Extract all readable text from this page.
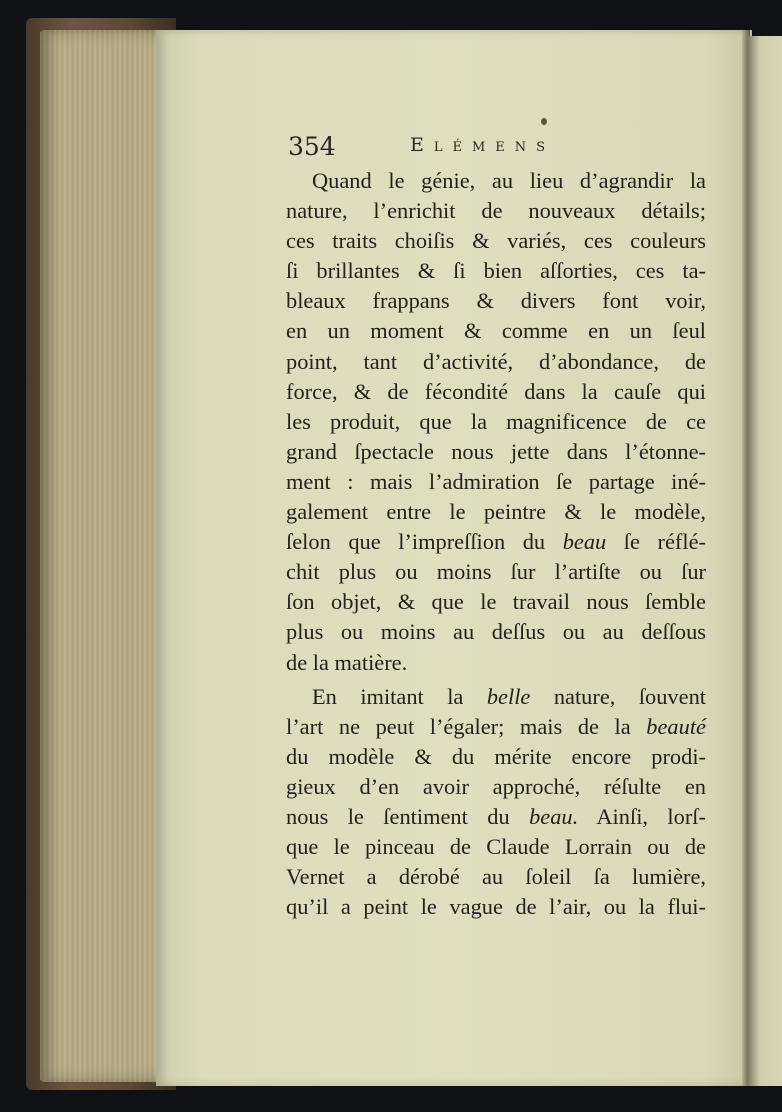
354	Elémens
Quand le génie, au lieu d’agrandir la
nature, l’enrichit de nouveaux détails;
ces traits choiſis & variés, ces couleurs
ſi brillantes & ſi bien aſſorties, ces ta-
bleaux frappans & divers font voir,
en un moment & comme en un ſeul
point, tant d’activité, d’abondance, de
force, & de fécondité dans la cauſe qui
les produit, que la magnificence de ce
grand ſpectacle nous jette dans l’étonne-
ment : mais l’admiration ſe partage iné-
galement entre le peintre & le modèle,
ſelon que l’impreſſion du beau ſe réflé-
chit plus ou moins ſur l’artiſte ou ſur
ſon objet, & que le travail nous ſemble
plus ou moins au deſſus ou au deſſous
de la matière.
En imitant la belle nature, ſouvent
l’art ne peut l’égaler; mais de la beauté
du modèle & du mérite encore prodi-
gieux d’en avoir approché, réſulte en
nous le ſentiment du beau. Ainſi, lorſ-
que le pinceau de Claude Lorrain ou de
Vernet a dérobé au ſoleil ſa lumière,
qu’il a peint le vague de l’air, ou la flui-
